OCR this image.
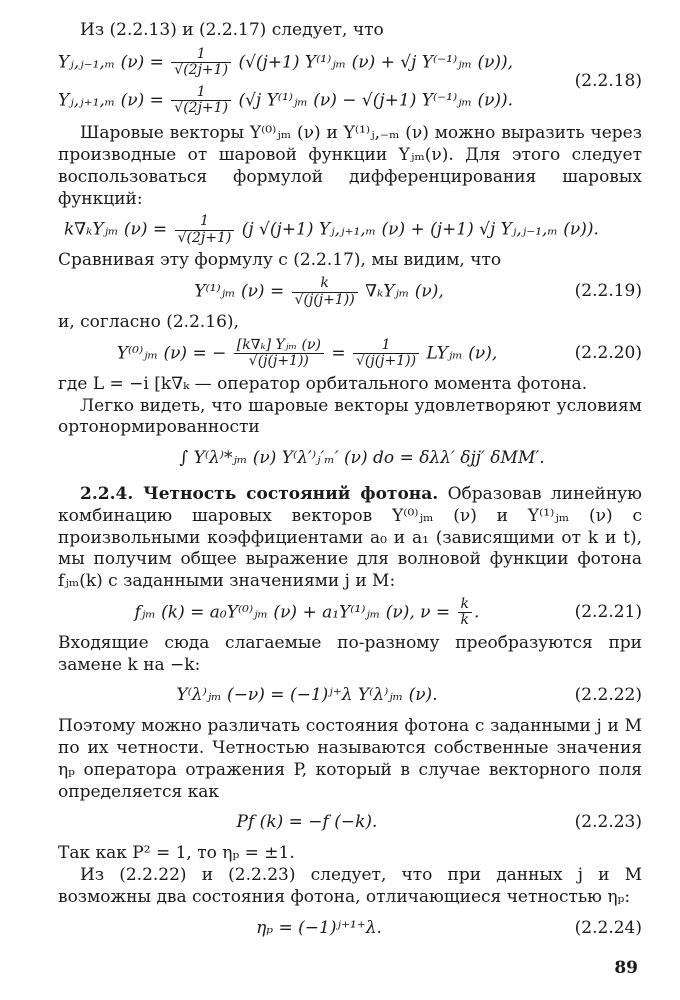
Из (2.2.13) и (2.2.17) следует, что

Yⱼ,ⱼ₋₁,ₘ $(\nu) = \frac{1}{√(2j+1)} (√(j+1)$ Y⁽¹⁾ⱼₘ (ν) + √j Y⁽⁻¹⁾ⱼₘ (ν)),
Yⱼ,ⱼ₊₁,ₘ $(\nu) = \frac{1}{√(2j+1)} (√j$ Y⁽¹⁾ⱼₘ (ν) − √(j+1) Y⁽⁻¹⁾ⱼₘ (ν)).
(2.2.18)

Шаровые векторы Y⁽⁰⁾ⱼₘ (ν) и Y⁽¹⁾ⱼ,₋ₘ (ν) можно выразить через производные от шаровой функции Yⱼₘ(ν). Для этого следует воспользоваться формулой дифференцирования шаровых функций:

k∇ₖYⱼₘ $(\nu) = \frac{1}{√(2j+1)} (j$ √(j+1) Yⱼ,ⱼ₊₁,ₘ (ν) + (j+1) √j Yⱼ,ⱼ₋₁,ₘ (ν)).

Сравнивая эту формулу с (2.2.17), мы видим, что

Y⁽¹⁾ⱼₘ $(\nu) = \frac{k}{√(j(j+1))}$ ∇ₖYⱼₘ (ν),	(2.2.19)

и, согласно (2.2.16),

Y⁽⁰⁾ⱼₘ (ν) = − $\frac{\text{[k∇ₖ] Yⱼₘ (ν)}}{√(j(j+1))} = \frac{1}{√(j(j+1))}$ LYⱼₘ (ν),	(2.2.20)

где L = −i [k∇ₖ — оператор орбитального момента фотона.

Легко видеть, что шаровые векторы удовлетворяют условиям ортонормированности

∫ Y⁽λ⁾*ⱼₘ (ν) Y⁽λ′⁾ⱼ′ₘ′ (ν) do = δλλ′ δjj′ δMM′.

2.2.4. Четность состояний фотона. Образовав линейную комбинацию шаровых векторов Y⁽⁰⁾ⱼₘ (ν) и Y⁽¹⁾ⱼₘ (ν) с произвольными коэффициентами a₀ и a₁ (зависящими от k и t), мы получим общее выражение для волновой функции фотона fⱼₘ(k) с заданными значениями j и M:

fⱼₘ (k) = a₀Y⁽⁰⁾ⱼₘ (ν) + a₁Y⁽¹⁾ⱼₘ (ν), $\nu = \frac{k}{k}$ .	(2.2.21)

Входящие сюда слагаемые по-разному преобразуются при замене k на −k:

Y⁽λ⁾ⱼₘ (−ν) = (−1)ʲ⁺λ Y⁽λ⁾ⱼₘ (ν).	(2.2.22)

Поэтому можно различать состояния фотона с заданными j и M по их четности. Четностью называются собственные значения ηₚ оператора отражения P, который в случае векторного поля определяется как

Pf (k) = −f (−k).	(2.2.23)

Так как P² = 1, то ηₚ = ±1.

Из (2.2.22) и (2.2.23) следует, что при данных j и M возможны два состояния фотона, отличающиеся четностью ηₚ:

ηₚ = (−1)ʲ⁺¹⁺λ.	(2.2.24)
89
